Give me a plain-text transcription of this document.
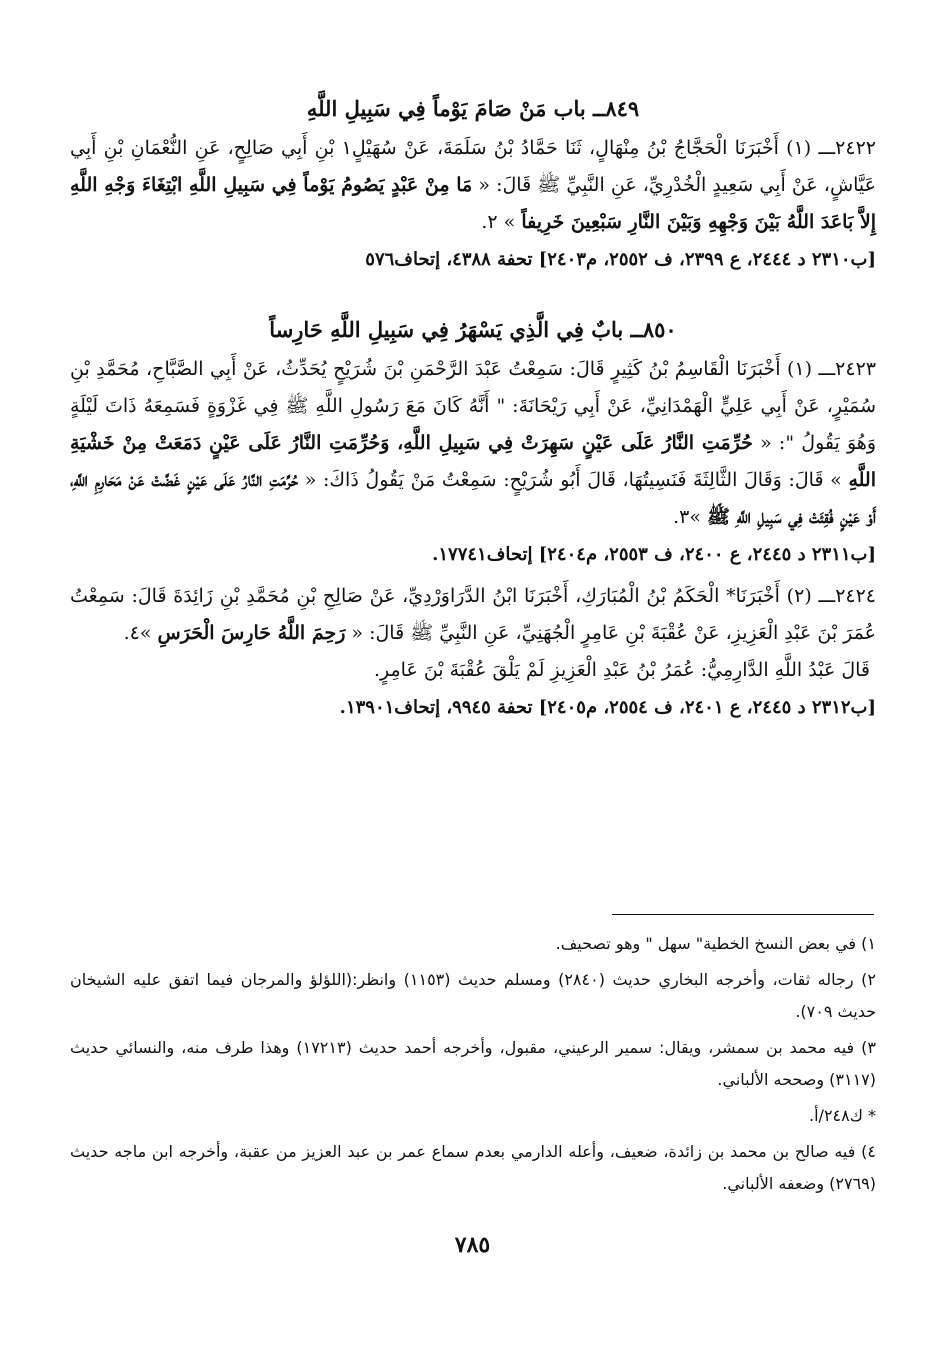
٨٤٩ــ باب مَنْ صَامَ يَوْماً فِي سَبِيلِ اللَّهِ

٢٤٢٢ـــ (١) أَخْبَرَنَا الْحَجَّاجُ بْنُ مِنْهَالٍ، ثَنَا حَمَّادُ بْنُ سَلَمَةَ، عَنْ سُهَيْلٍ١ بْنِ أَبِي صَالِحٍ، عَنِ النُّعْمَانِ بْنِ أَبِي عَيَّاشٍ، عَنْ أَبِي سَعِيدٍ الْخُدْرِيِّ، عَنِ النَّبِيِّ ﷺ قَالَ: « مَا مِنْ عَبْدٍ يَصُومُ يَوْماً فِي سَبِيلِ اللَّهِ ابْتِغَاءَ وَجْهِ اللَّهِ إِلاَّ بَاعَدَ اللَّهُ بَيْنَ وَجْهِهِ وَبَيْنَ النَّارِ سَبْعِينَ خَرِيفاً » ٢.

[ب٢٣١٠ د ٢٤٤٤، ع ٢٣٩٩، ف ٢٥٥٢، م٢٤٠٣] تحفة ٤٣٨٨، إتحاف٥٧٦

٨٥٠ــ بابٌ فِي الَّذِي يَسْهَرُ فِي سَبِيلِ اللَّهِ حَارِساً

٢٤٢٣ـــ (١) أَخْبَرَنَا الْقَاسِمُ بْنُ كَثِيرٍ قَالَ: سَمِعْتُ عَبْدَ الرَّحْمَنِ بْنَ شُرَيْحٍ يُحَدِّثُ، عَنْ أَبِي الصَّبَّاحِ، مُحَمَّدِ بْنِ سُمَيْرٍ، عَنْ أَبِي عَلِيٍّ الْهَمْدَانِيِّ، عَنْ أَبِي رَيْحَانَةَ: " أَنَّهُ كَانَ مَعَ رَسُولِ اللَّهِ ﷺ فِي غَزْوَةٍ فَسَمِعَهُ ذَاتَ لَيْلَةٍ وَهُوَ يَقُولُ ": « حُرِّمَتِ النَّارُ عَلَى عَيْنٍ سَهِرَتْ فِي سَبِيلِ اللَّهِ، وَحُرِّمَتِ النَّارُ عَلَى عَيْنٍ دَمَعَتْ مِنْ خَشْيَةِ اللَّهِ » قَالَ: وَقَالَ الثَّالِثَةَ فَنَسِيتُهَا، قَالَ أَبُو شُرَيْحٍ: سَمِعْتُ مَنْ يَقُولُ ذَاكَ: « حُرِّمَتِ النَّارُ عَلَى عَيْنٍ غَضَّتْ عَنْ مَحَارِمِ اللَّهِ، أَوْ عَيْنٍ فُقِئَتْ فِي سَبِيلِ اللَّهِ ﷺ »٣.

[ب٢٣١١ د ٢٤٤٥، ع ٢٤٠٠، ف ٢٥٥٣، م٢٤٠٤] إتحاف١٧٧٤١.

٢٤٢٤ـــ (٢) أَخْبَرَنَا* الْحَكَمُ بْنُ الْمُبَارَكِ، أَخْبَرَنَا ابْنُ الدَّرَاوَرْدِيِّ، عَنْ صَالِحِ بْنِ مُحَمَّدِ بْنِ زَائِدَةَ قَالَ: سَمِعْتُ عُمَرَ بْنَ عَبْدِ الْعَزِيزِ، عَنْ عُقْبَةَ بْنِ عَامِرٍ الْجُهَنِيِّ، عَنِ النَّبِيِّ ﷺ قَالَ: « رَحِمَ اللَّهُ حَارِسَ الْحَرَسِ »٤.

قَالَ عَبْدُ اللَّهِ الدَّارِمِيُّ: عُمَرُ بْنُ عَبْدِ الْعَزِيزِ لَمْ يَلْقَ عُقْبَةَ بْنَ عَامِرٍ.

[ب٢٣١٢ د ٢٤٤٥، ع ٢٤٠١، ف ٢٥٥٤، م٢٤٠٥] تحفة ٩٩٤٥، إتحاف١٣٩٠١.

١) في بعض النسخ الخطية" سهل " وهو تصحيف.

٢) رجاله ثقات، وأخرجه البخاري حديث (٢٨٤٠) ومسلم حديث (١١٥٣) وانظر:(اللؤلؤ والمرجان فيما اتفق عليه الشيخان حديث ٧٠٩).

٣) فيه محمد بن سمشر، ويقال: سمير الرعيني، مقبول، وأخرجه أحمد حديث (١٧٢١٣) وهذا طرف منه، والنسائي حديث (٣١١٧) وصححه الألباني.

* ك٢٤٨/أ.

٤) فيه صالح بن محمد بن زائدة، ضعيف، وأعله الدارمي بعدم سماع عمر بن عبد العزيز من عقبة، وأخرجه ابن ماجه حديث (٢٧٦٩) وضعفه الألباني.

٧٨٥
